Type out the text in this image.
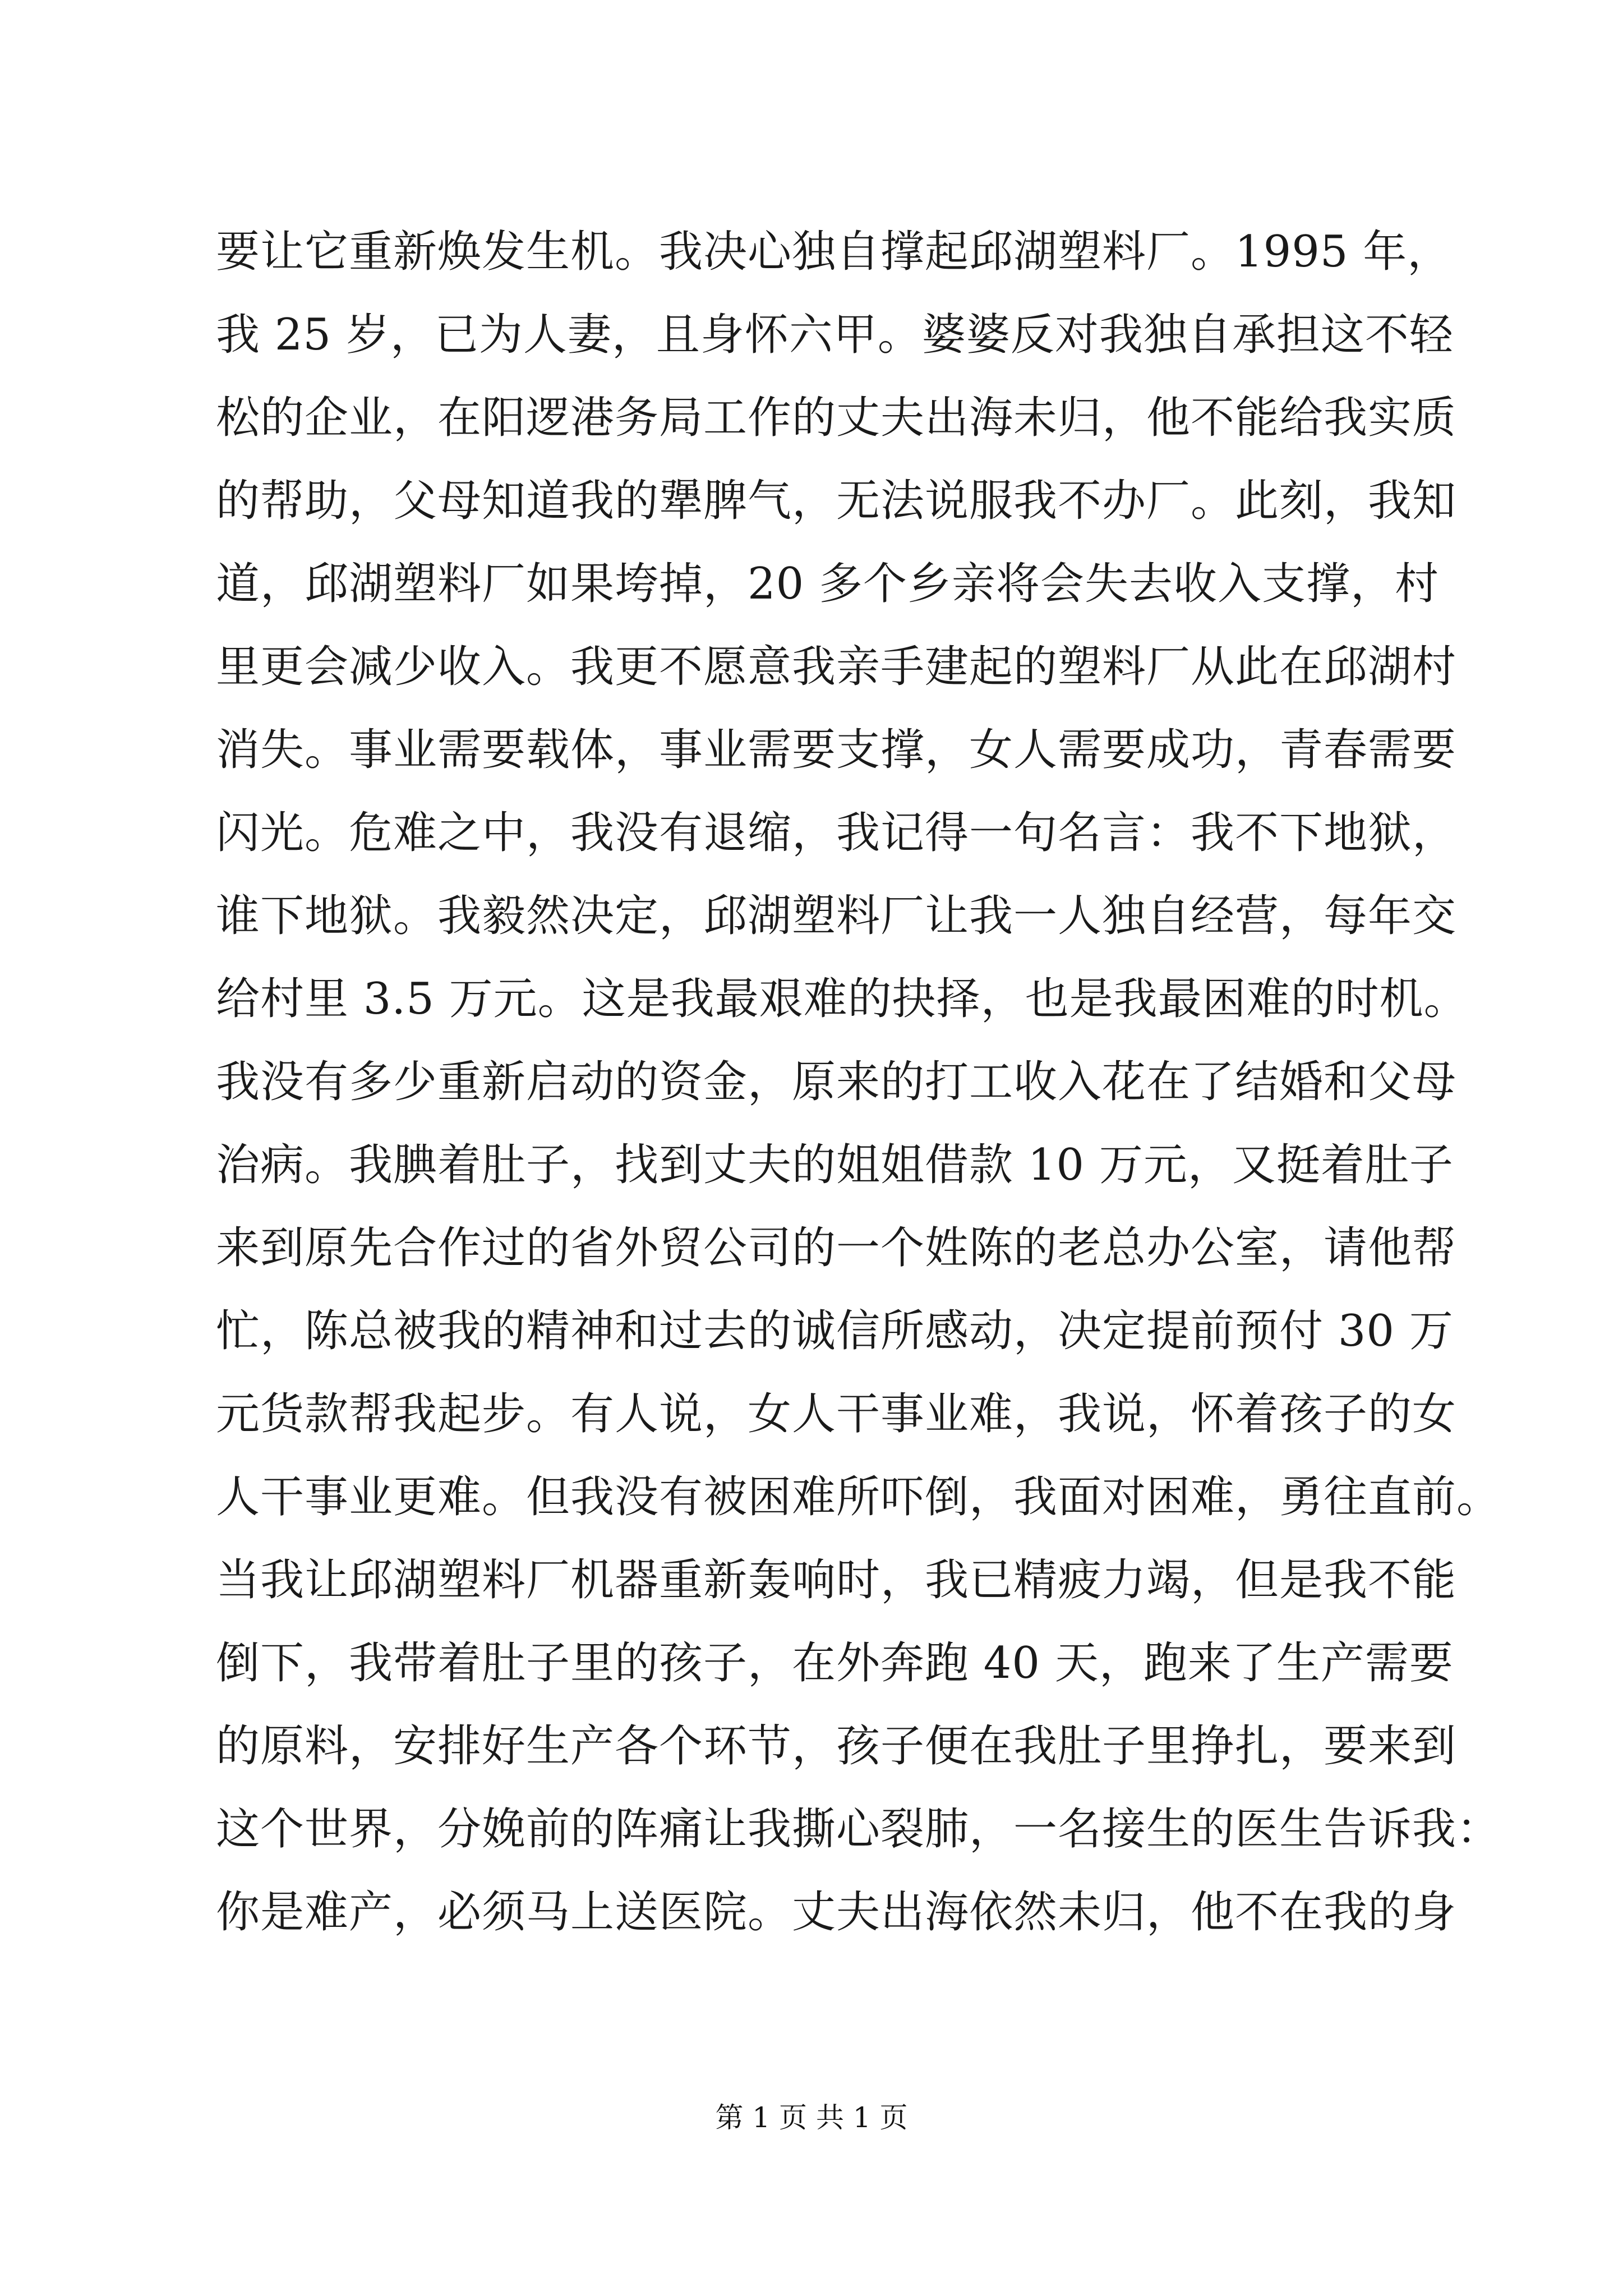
要让它重新焕发生机。我决心独自撑起邱湖塑料厂。1995 年，
我 25 岁，已为人妻，且身怀六甲。婆婆反对我独自承担这不轻
松的企业，在阳逻港务局工作的丈夫出海未归，他不能给我实质
的帮助，父母知道我的犟脾气，无法说服我不办厂。此刻，我知
道，邱湖塑料厂如果垮掉，20 多个乡亲将会失去收入支撑，村
里更会减少收入。我更不愿意我亲手建起的塑料厂从此在邱湖村
消失。事业需要载体，事业需要支撑，女人需要成功，青春需要
闪光。危难之中，我没有退缩，我记得一句名言：我不下地狱，
谁下地狱。我毅然决定，邱湖塑料厂让我一人独自经营，每年交
给村里 3.5 万元。这是我最艰难的抉择，也是我最困难的时机。
我没有多少重新启动的资金，原来的打工收入花在了结婚和父母
治病。我腆着肚子，找到丈夫的姐姐借款 10 万元，又挺着肚子
来到原先合作过的省外贸公司的一个姓陈的老总办公室，请他帮
忙，陈总被我的精神和过去的诚信所感动，决定提前预付 30 万
元货款帮我起步。有人说，女人干事业难，我说，怀着孩子的女
人干事业更难。但我没有被困难所吓倒，我面对困难，勇往直前。
当我让邱湖塑料厂机器重新轰响时，我已精疲力竭，但是我不能
倒下，我带着肚子里的孩子，在外奔跑 40 天，跑来了生产需要
的原料，安排好生产各个环节，孩子便在我肚子里挣扎，要来到
这个世界，分娩前的阵痛让我撕心裂肺，一名接生的医生告诉我：
你是难产，必须马上送医院。丈夫出海依然未归，他不在我的身
第 1 页 共 1 页
